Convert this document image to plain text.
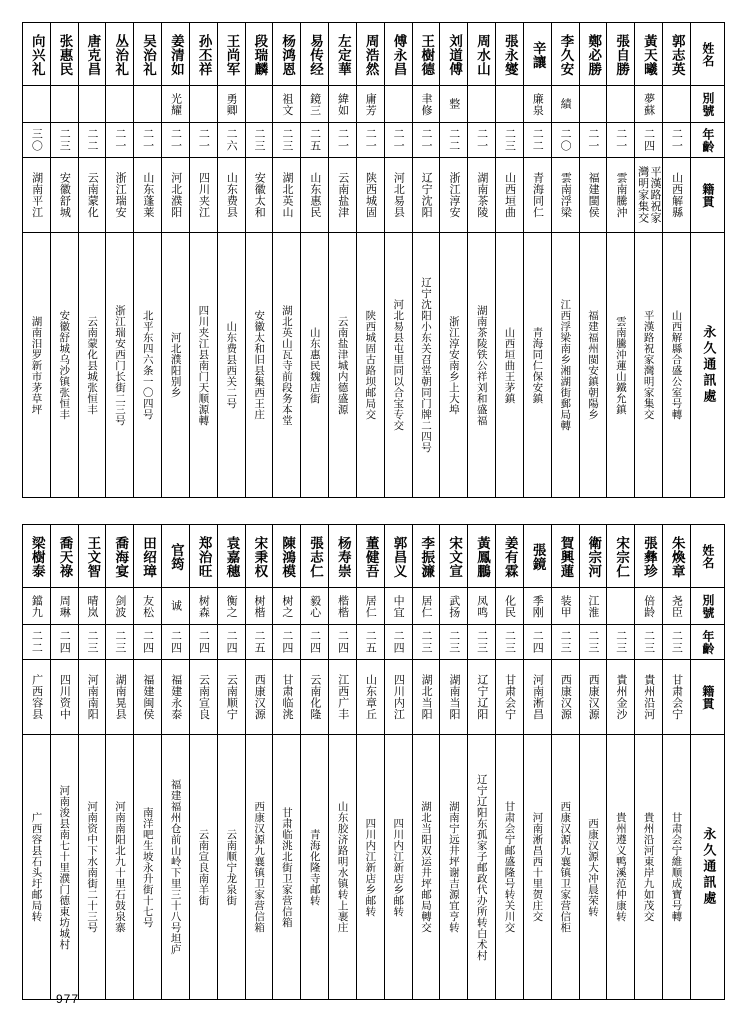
姓名	郭志英	黃天曦	張自勝	鄭必勝	李久安	辛讓	張永燮	周水山	刘道傅	王樹德	傅永昌	周浩然	左定華	易传经	杨鸿恩	段瑞麟	王尚军	孙丕祥	姜清如	吴治礼	丛治礼	唐克昌	张惠民	向兴礼

別號		夢蘇			績	廉泉			整	聿修		庸芳	緯如	鏡三	祖文		勇卿		光耀					

年齡	二一	二四	二一	二一	二〇	二二	二三	二一	二二	二一	二一	二一	二一	二五	二三	二三	二六	二一	二一	二一	二一	二二	二三	三〇

籍貫	山西解縣	平漢路祝家灣明家集交	雲南騰沖	福建閩侯	雲南浮梁	青海同仁	山西垣曲	湖南茶陵	浙江淳安	辽宁沈阳	河北易县	陕西城固	云南盐津	山东惠民	湖北英山	安徽太和	山东费县	四川夹江	河北濮阳	山东蓬莱	浙江瑞安	云南蒙化	安徽舒城	湖南平江

永久通訊處	山西解縣合盛公室号轉	平漢路祝家灣明家集交	雲南騰沖蓮山鐵允鎮	福建福州閩安鎮朝陽乡	江西浮梁南乡湘湖街郵局轉	青海同仁保安鎮	山西垣曲王茅鎮	湖南茶陵铁公祥刘和盛福	浙江淳安南乡上大埠	辽宁沈阳小东关召堂朝同门牌二四号	河北易县屯里同以合宝专交	陕西城固古路坝邮局交	云南盐津城内德盛源	山东惠民魏店街	湖北英山瓦寺前段务本堂	安徽太和旧县集西王庄	山东费县西关二号	四川夹江县南门天顺源轉	河北濮阳别乡	北平东四六条一〇四号	浙江瑞安西门长街二三号	云南蒙化县城张恒丰	安徽舒城乌沙镇张恒丰	湖南汨罗新市茅草坪
姓名	朱煥章	張彝珍	宋宗仁	衛宗河	賀興蓮	張鏡	姜有霖	黃鳳鵬	宋文宣	李振濂	郭昌义	董健吾	杨寿崇	張志仁	陳鴻模	宋秉权	袁嘉穗	郑治旺	官筠	田绍璋	喬海宴	王文智	喬天祿	梁樹泰

別號	尧臣	倍龄		江淮	装甲	季刚	化民	凤鸣	武扬	居仁	中宜	居仁	楷楷	毅心	树之	树楷	衡之	树森	诚	友松	剑波	晴岚	周琳	鐺九

年齡	二三	二三	二三	二三	二三	二四	二三	二三	二三	二三	二四	二五	二四	二四	二四	二五	二四	二四	二四	二四	二三	二三	二四	二二

籍貫	甘肃会宁	貴州沿河	貴州金沙	西康汉源	西康汉源	河南淅昌	甘肃会宁	辽宁辽阳	湖南当阳	湖北当阳	四川内江	山东章丘	江西广丰	云南化隆	甘肃临洮	西康汉源	云南顺宁	云南宣良	福建永泰	福建闽侯	湖南晃县	河南南阳	四川资中	广西容县

永久通訊處	甘肃会宁維顺成寶号轉	貴州沿河東岸九如茂交	貴州遵义鸭溪范仲康转	西康汉源大冲晨荣转	西康汉源九襄镇卫家营信柜	河南淅昌西十里贺庄交	甘肃会宁邮盛隆号转关川交	辽宁辽阳东孤家子邮政代办所转白术村	湖南宁远井坪谢吉源宜亨转	湖北当阳双运井坪邮局轉交	四川内江新店乡邮转	四川内江新店乡邮转	山东胶济路明水镇转上裹庄	青海化隆寺邮转	甘肃临洮北街卫家营信箱	西康汉源九襄镇卫家营信箱	云南顺宁龙泉街	云南宣良南羊街	福建福州仓前山岭下里三十八号坦庐	南洋吧生坡永升街十七号	河南南阳北九十里石鼓泉寨	河南资中下水南街二十三号	河南浚县南七十里濮门德東坊城村	广西容县石头圩邮局转
977
